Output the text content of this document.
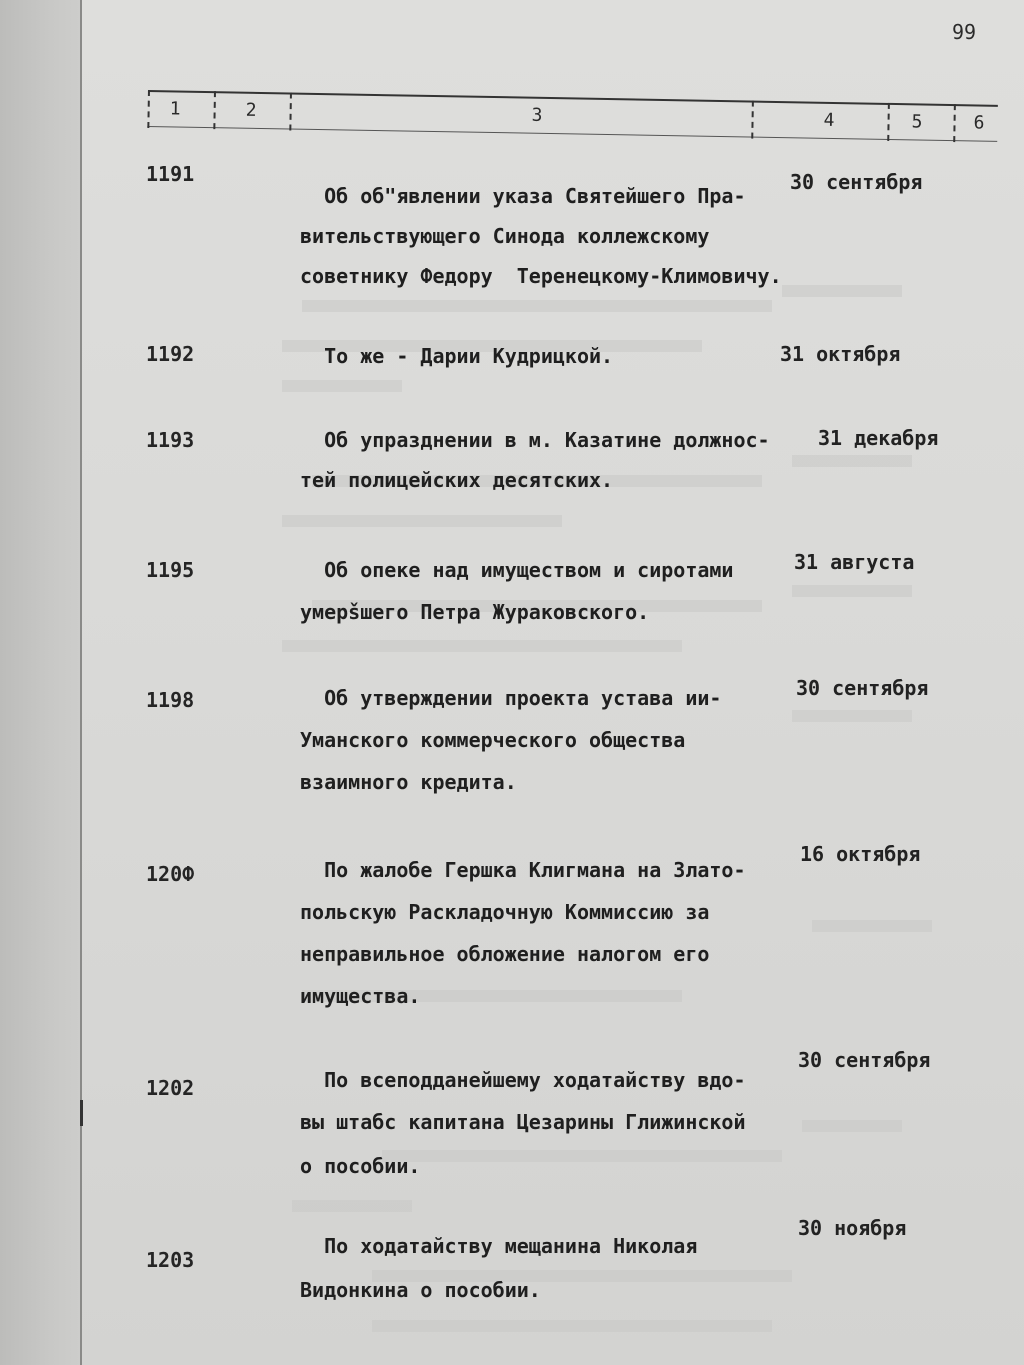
99
1	2	3	4	5	6
1191
Об об"явлении указа Святейшего Пра-
вительствующего Синода коллежскому
советнику Федору  Теренецкому-Климовичу.
30 сентября
1192	То же - Дарии Кудрицкой.	31 октября
1193	Об упразднении в м. Казатине должнос-
тей полицейских десятских.
31 декабря
1195	Об опеке над имуществом и сиротами
умерšшего Петра Жураковского.
31 августа
1198	Об утверждении проекта устава ии-
Уманского коммерческого общества
взаимного кредита.
30 сентября
120Ф	По жалобе Гершка Клигмана на Злато-
польскую Раскладочную Коммиссию за
неправильное обложение налогом его
имущества.
16 октября
1202	По всеподданейшему ходатайству вдо-
вы штабс капитана Цезарины Глижинской
о пособии.
30 сентября
1203
По ходатайству мещанина Николая
Видонкина о пособии.
30 ноября
